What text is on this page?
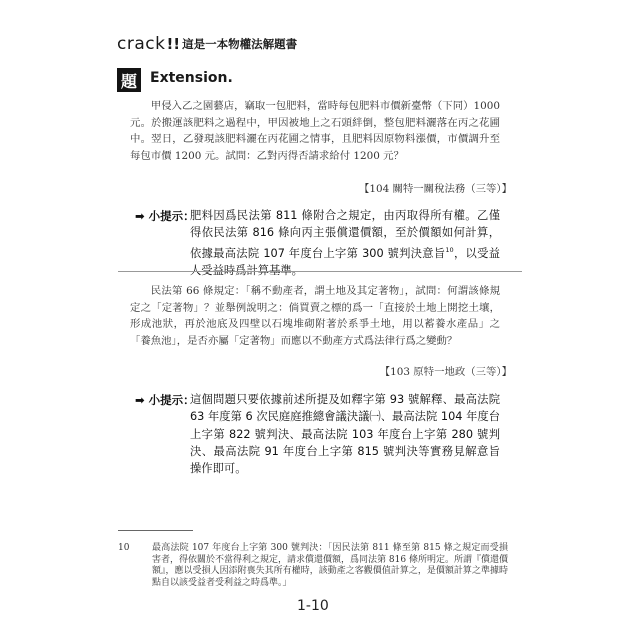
crack !! 這是一本物權法解題書
題 Extension.

甲侵入乙之園藝店，竊取一包肥料，當時每包肥料市價新臺幣（下同）1000 元。於搬運該肥料之過程中，甲因被地上之石頭絆倒，整包肥料灑落在丙之花圃中。翌日，乙發現該肥料灑在丙花圃之情事，且肥料因原物料漲價，市價調升至每包市價 1200 元。試問：乙對丙得否請求給付 1200 元？

【104 關特一關稅法務（三等）】
➡ 小提示：
肥料因爲民法第 811 條附合之規定，由丙取得所有權。乙僅得依民法第 816 條向丙主張償還價額，至於價額如何計算，依據最高法院 107 年度台上字第 300 號判決意旨$^{10}$，以受益人受益時爲計算基準。

民法第 66 條規定：「稱不動產者，謂土地及其定著物」，試問：何謂該條規定之「定著物」？並舉例說明之：倘買賣之標的爲一「直接於土地上開挖土壤，形成池狀，再於池底及四壁以石塊堆砌附著於系爭土地，用以蓄養水產品」之「養魚池」，是否亦屬「定著物」而應以不動產方式爲法律行爲之變動？

【103 原特一地政（三等）】
➡ 小提示：
這個問題只要依據前述所提及如釋字第 93 號解釋、最高法院 63 年度第 6 次民庭庭推總會議決議㈠、最高法院 104 年度台上字第 822 號判決、最高法院 103 年度台上字第 280 號判決、最高法院 91 年度台上字第 815 號判決等實務見解意旨操作即可。
10	最高法院 107 年度台上字第 300 號判決：「因民法第 811 條至第 815 條之規定而受損害者，得依關於不當得利之規定，請求償還價額，爲同法第 816 條所明定。所謂『償還價額』，應以受損人因添附喪失其所有權時，該動產之客觀價值計算之，是價額計算之準據時點自以該受益者受利益之時爲準。」
1-10
